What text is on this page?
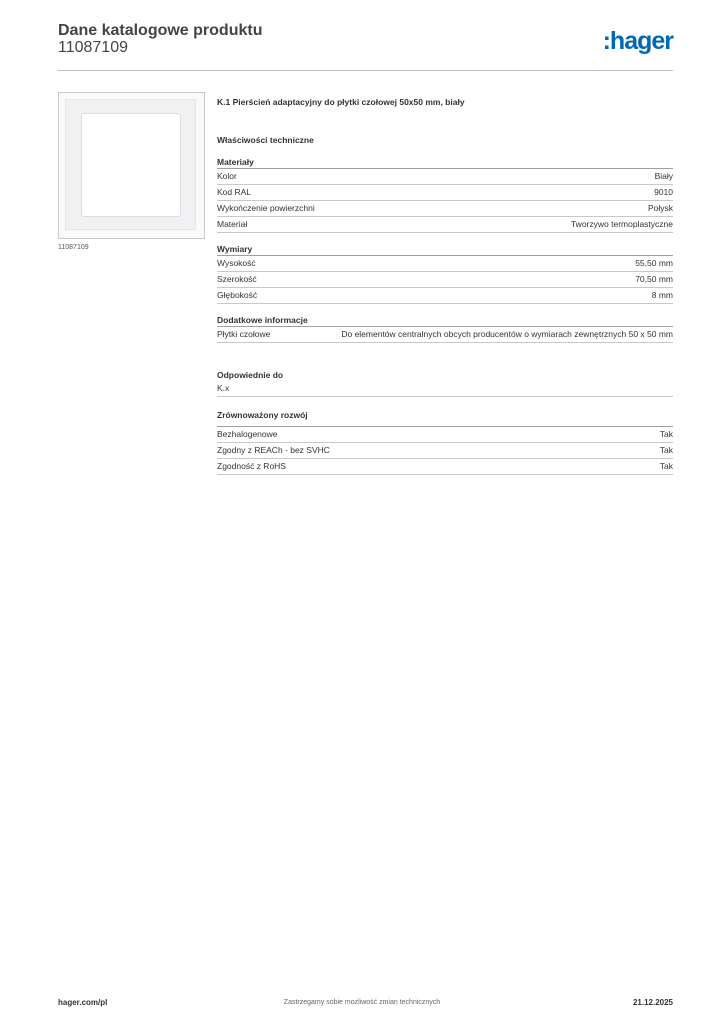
Dane katalogowe produktu
11087109	:hager
11087109
K.1 Pierścień adaptacyjny do płytki czołowej 50x50 mm, biały
Właściwości techniczne
Materiały
Kolor	Biały
Kod RAL	9010
Wykończenie powierzchni	Połysk
Materiał	Tworzywo termoplastyczne
Wymiary
Wysokość	55,50 mm
Szerokość	70,50 mm
Głębokość	8 mm
Dodatkowe informacje
Płytki czołowe	Do elementów centralnych obcych producentów o wymiarach zewnętrznych 50 x 50 mm
Odpowiednie do
K.x
Zrównoważony rozwój
Bezhalogenowe	Tak
Zgodny z REACh - bez SVHC	Tak
Zgodność z RoHS	Tak
hager.com/pl	Zastrzegamy sobie możliwość zmian technicznych	21.12.2025
